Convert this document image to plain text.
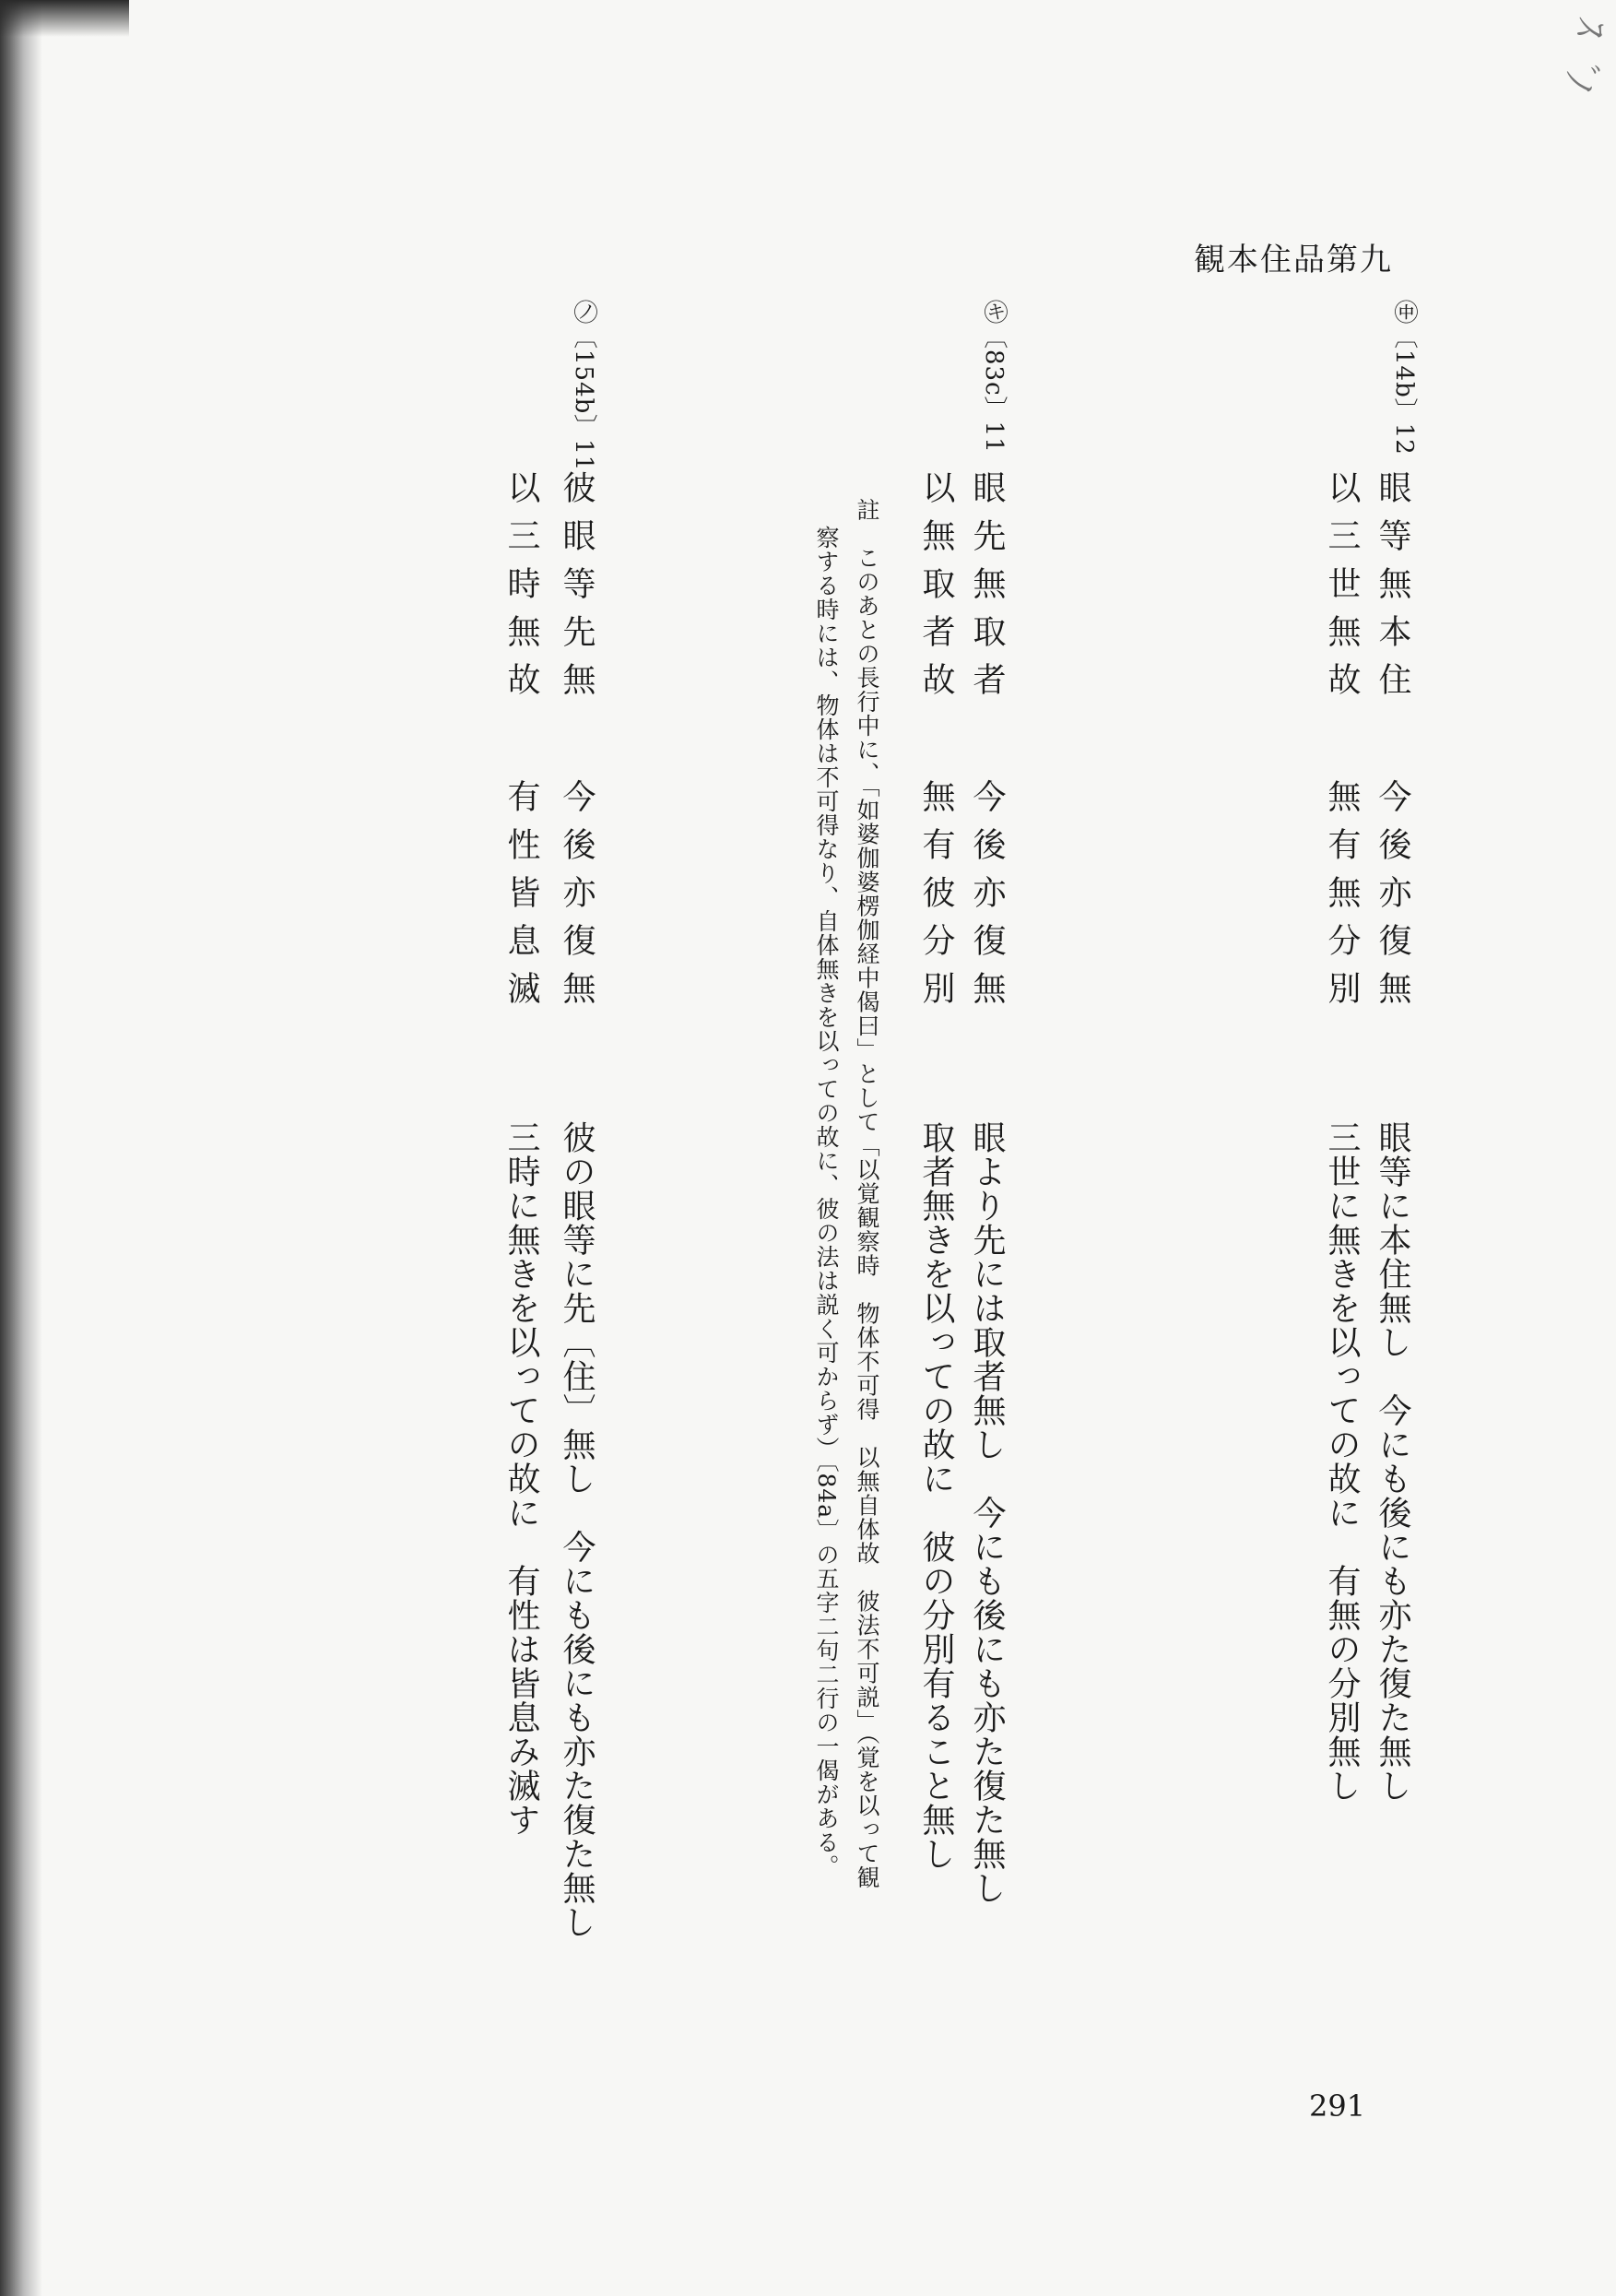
ｽ゛ﾉ
観本住品第九
㊥〔14b〕12
眼等無本住
今後亦復無
以三世無故
無有無分別
眼等に本住無し　今にも後にも亦た復た無し
三世に無きを以っての故に　有無の分別無し
㋖〔83c〕11
眼先無取者
今後亦復無
以無取者故
無有彼分別
眼より先には取者無し　今にも後にも亦た復た無し
取者無きを以っての故に　彼の分別有ること無し
註　このあとの長行中に、「如婆伽婆楞伽経中偈曰」として「以覚観察時　物体不可得　以無自体故　彼法不可説」（覚を以って観
察する時には、物体は不可得なり、自体無きを以っての故に、彼の法は説く可からず）〔84a〕の五字二句二行の一偈がある。
㋨〔154b〕11
彼眼等先無
今後亦復無
以三時無故
有性皆息滅
彼の眼等に先〔住〕無し　今にも後にも亦た復た無し
三時に無きを以っての故に　有性は皆息み滅す
291
